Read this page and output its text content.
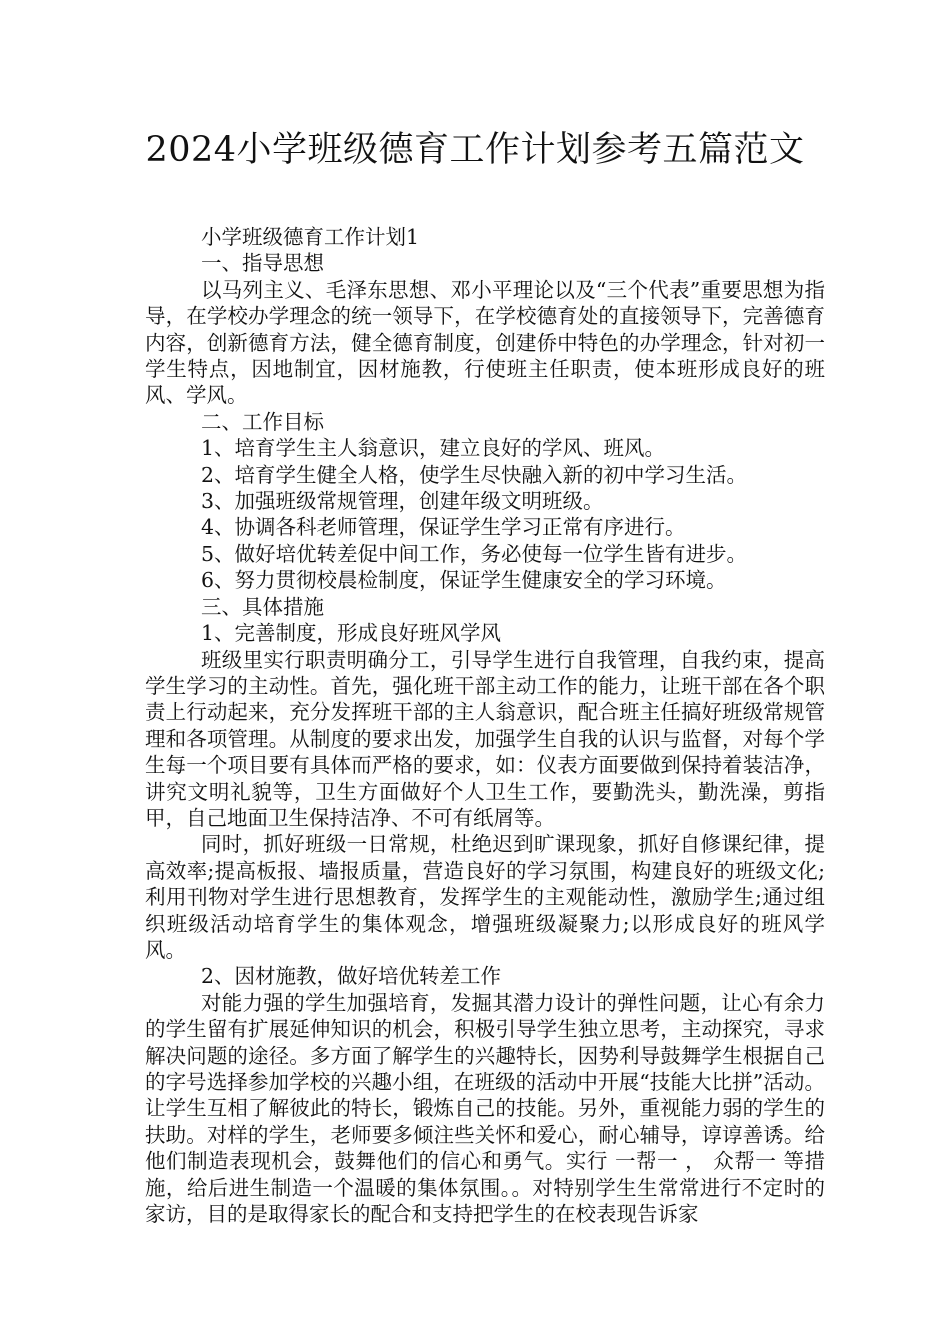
2024小学班级德育工作计划参考五篇范文

小学班级德育工作计划1

一、指导思想

以马列主义、毛泽东思想、邓小平理论以及“三个代表”重要思想为指导，在学校办学理念的统一领导下，在学校德育处的直接领导下，完善德育内容，创新德育方法，健全德育制度，创建侨中特色的办学理念，针对初一学生特点，因地制宜，因材施教，行使班主任职责，使本班形成良好的班风、学风。

二、工作目标

1、培育学生主人翁意识，建立良好的学风、班风。

2、培育学生健全人格，使学生尽快融入新的初中学习生活。

3、加强班级常规管理，创建年级文明班级。

4、协调各科老师管理，保证学生学习正常有序进行。

5、做好培优转差促中间工作，务必使每一位学生皆有进步。

6、努力贯彻校晨检制度，保证学生健康安全的学习环境。

三、具体措施

1、完善制度，形成良好班风学风

班级里实行职责明确分工，引导学生进行自我管理，自我约束，提高学生学习的主动性。首先，强化班干部主动工作的能力，让班干部在各个职责上行动起来，充分发挥班干部的主人翁意识，配合班主任搞好班级常规管理和各项管理。从制度的要求出发，加强学生自我的认识与监督，对每个学生每一个项目要有具体而严格的要求，如：仪表方面要做到保持着装洁净，讲究文明礼貌等，卫生方面做好个人卫生工作，要勤洗头，勤洗澡，剪指甲，自己地面卫生保持洁净、不可有纸屑等。

同时，抓好班级一日常规，杜绝迟到旷课现象，抓好自修课纪律，提高效率;提高板报、墙报质量，营造良好的学习氛围，构建良好的班级文化;利用刊物对学生进行思想教育，发挥学生的主观能动性，激励学生;通过组织班级活动培育学生的集体观念，增强班级凝聚力;以形成良好的班风学风。

2、因材施教，做好培优转差工作

对能力强的学生加强培育，发掘其潜力设计的弹性问题，让心有余力的学生留有扩展延伸知识的机会，积极引导学生独立思考，主动探究，寻求解决问题的途径。多方面了解学生的兴趣特长，因势利导鼓舞学生根据自己的字号选择参加学校的兴趣小组，在班级的活动中开展“技能大比拼”活动。让学生互相了解彼此的特长，锻炼自己的技能。另外，重视能力弱的学生的扶助。对样的学生，老师要多倾注些关怀和爱心，耐心辅导，谆谆善诱。给他们制造表现机会，鼓舞他们的信心和勇气。实行 一帮一 ， 众帮一 等措施，给后进生制造一个温暖的集体氛围。。对特别学生生常常进行不定时的家访，目的是取得家长的配合和支持把学生的在校表现告诉家
